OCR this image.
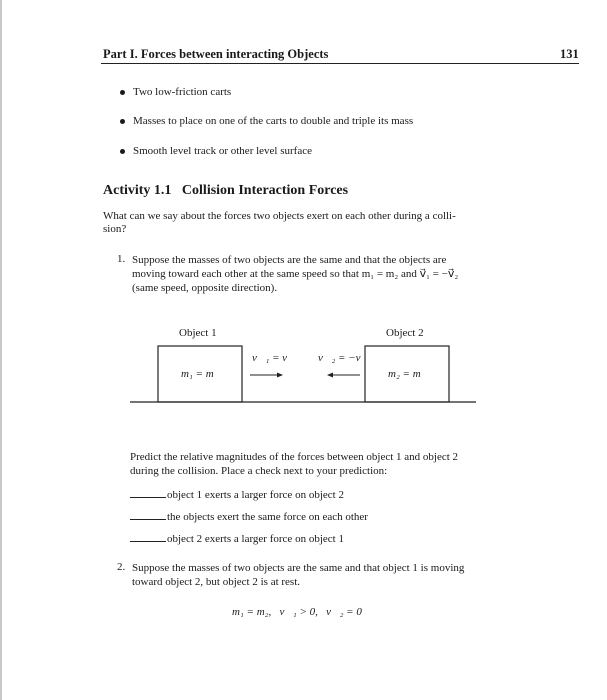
Part I. Forces between interacting Objects	131
Two low-friction carts
Masses to place on one of the carts to double and triple its mass
Smooth level track or other level surface
Activity 1.1   Collision Interaction Forces
What can we say about the forces two objects exert on each other during a colli-
sion?
1. Suppose the masses of two objects are the same and that the objects are
moving toward each other at the same speed so that m₁ = m₂ and v⃗₁ = −v⃗₂
(same speed, opposite direction).
Object 1	Object 2
m₁ = m	m₂ = m
v⃗₁ = v⃗ v⃗₂ = −v⃗
Predict the relative magnitudes of the forces between object 1 and object 2
during the collision. Place a check next to your prediction:
object 1 exerts a larger force on object 2
the objects exert the same force on each other
object 2 exerts a larger force on object 1
2. Suppose the masses of two objects are the same and that object 1 is moving
toward object 2, but object 2 is at rest.
m₁ = m₂,   v⃗₁ > 0,   v⃗₂ = 0
